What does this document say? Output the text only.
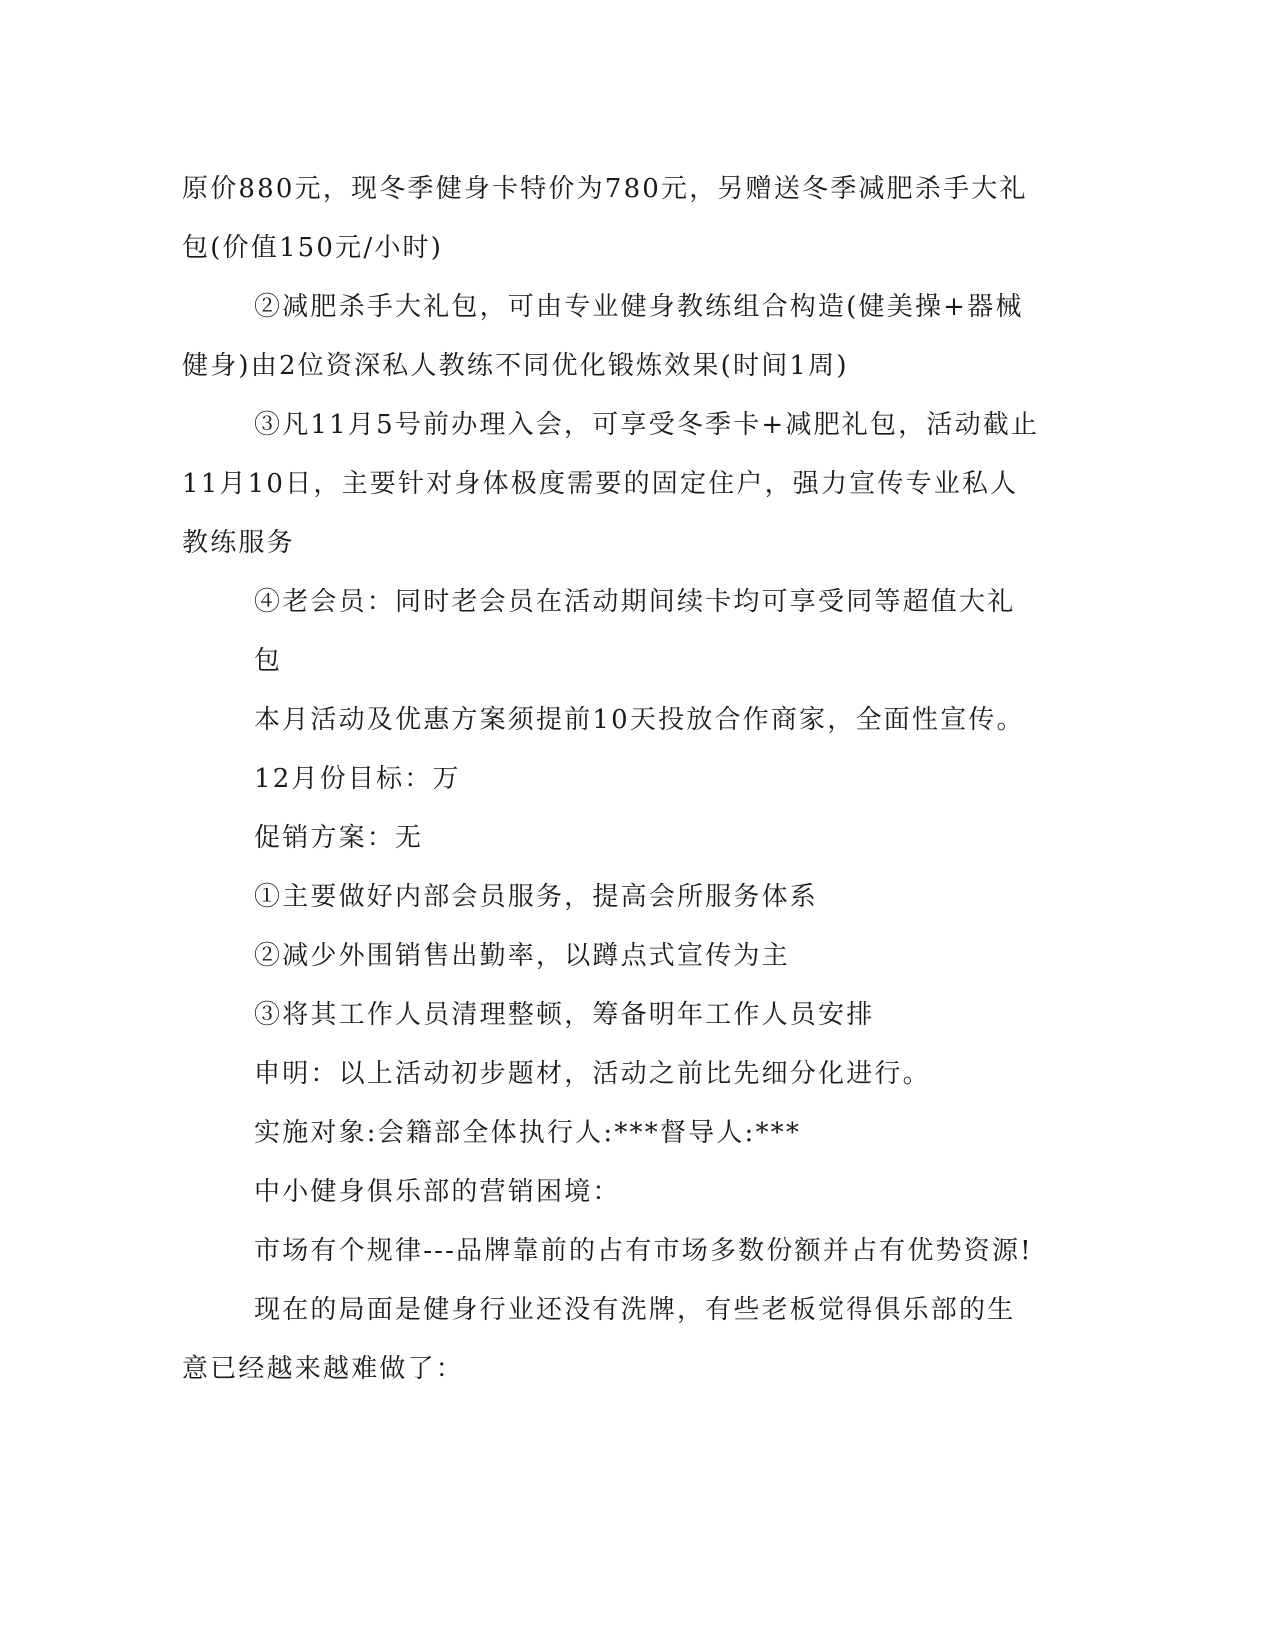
原价880元，现冬季健身卡特价为780元，另赠送冬季减肥杀手大礼包(价值150元/小时)

②减肥杀手大礼包，可由专业健身教练组合构造(健美操+器械健身)由2位资深私人教练不同优化锻炼效果(时间1周)

③凡11月5号前办理入会，可享受冬季卡+减肥礼包，活动截止11月10日，主要针对身体极度需要的固定住户，强力宣传专业私人教练服务

④老会员：同时老会员在活动期间续卡均可享受同等超值大礼包

本月活动及优惠方案须提前10天投放合作商家，全面性宣传。

12月份目标：万

促销方案：无

①主要做好内部会员服务，提高会所服务体系

②减少外围销售出勤率，以蹲点式宣传为主

③将其工作人员清理整顿，筹备明年工作人员安排

申明：以上活动初步题材，活动之前比先细分化进行。

实施对象:会籍部全体执行人:***督导人:***

中小健身俱乐部的营销困境：

市场有个规律---品牌靠前的占有市场多数份额并占有优势资源!

现在的局面是健身行业还没有洗牌，有些老板觉得俱乐部的生意已经越来越难做了：
